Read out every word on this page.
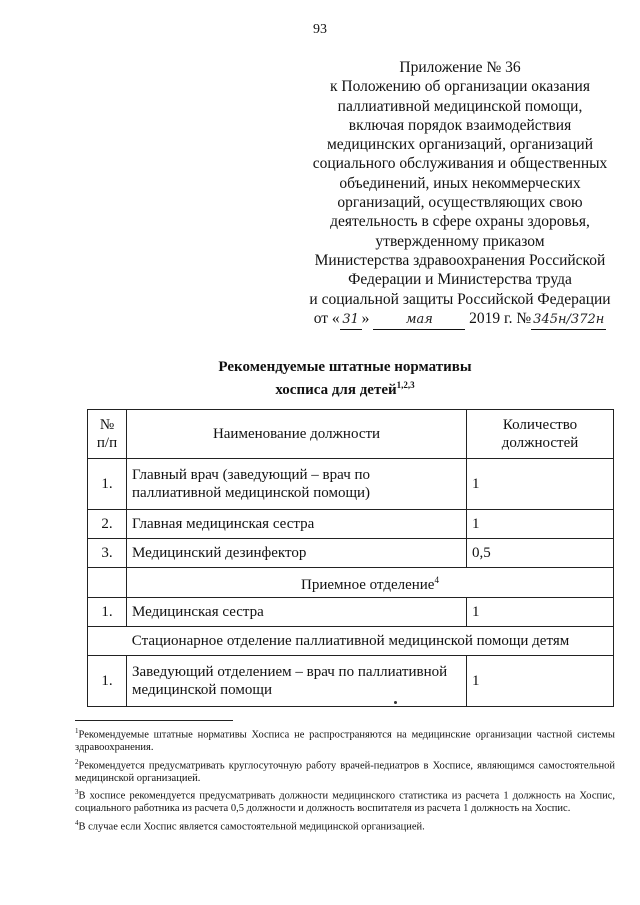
93
Приложение № 36
к Положению об организации оказания
паллиативной медицинской помощи,
включая порядок взаимодействия
медицинских организаций, организаций
социального обслуживания и общественных
объединений, иных некоммерческих
организаций, осуществляющих свою
деятельность в сфере охраны здоровья,
утвержденному приказом
Министерства здравоохранения Российской
Федерации и Министерства труда
и социальной защиты Российской Федерации
от « 31 »	мая 2019 г. № 345н/372н
Рекомендуемые штатные нормативы
хосписа для детей$^{1,2,3}$
№ п/п	Наименование должности	Количество должностей
1.	Главный врач (заведующий – врач по паллиативной медицинской помощи)	1
2.	Главная медицинская сестра	1
3.	Медицинский дезинфектор	0,5
	Приемное отделение$^4$
1.	Медицинская сестра	1
Стационарное отделение паллиативной медицинской помощи детям		
1.	Заведующий отделением – врач по паллиативной медицинской помощи	1

$^1$Рекомендуемые штатные нормативы Хосписа не распространяются на медицинские организации частной системы здравоохранения.

$^2$Рекомендуется предусматривать круглосуточную работу врачей-педиатров в Хосписе, являющимся самостоятельной медицинской организацией.

$^3$В хосписе рекомендуется предусматривать должности медицинского статистика из расчета 1 должность на Хоспис, социального работника из расчета 0,5 должности и должность воспитателя из расчета 1 должность на Хоспис.

$^4$В случае если Хоспис является самостоятельной медицинской организацией.
